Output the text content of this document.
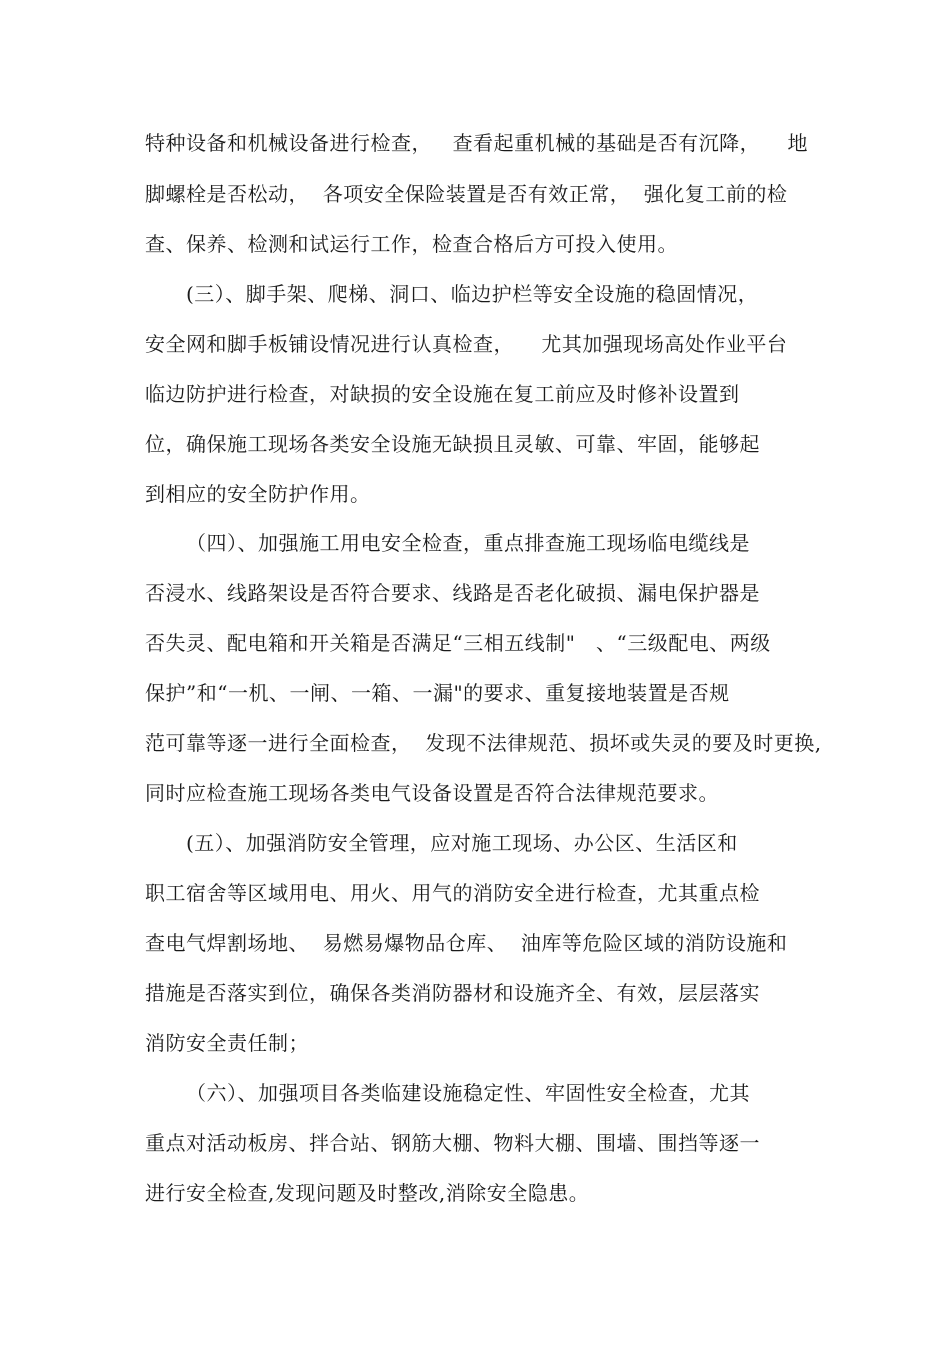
特种设备和机械设备进行检查，   查看起重机械的基础是否有沉降，    地
脚螺栓是否松动，  各项安全保险装置是否有效正常，  强化复工前的检
查、保养、检测和试运行工作，检查合格后方可投入使用。
(三）、脚手架、爬梯、洞口、临边护栏等安全设施的稳固情况，
安全网和脚手板铺设情况进行认真检查，    尤其加强现场高处作业平台
临边防护进行检查，对缺损的安全设施在复工前应及时修补设置到
位，确保施工现场各类安全设施无缺损且灵敏、可靠、牢固，能够起
到相应的安全防护作用。
（四）、加强施工用电安全检查，重点排查施工现场临电缆线是
否浸水、线路架设是否符合要求、线路是否老化破损、漏电保护器是
否失灵、配电箱和开关箱是否满足“三相五线制"   、“三级配电、两级
保护”和“一机、一闸、一箱、一漏"的要求、重复接地装置是否规
范可靠等逐一进行全面检查，  发现不法律规范、损坏或失灵的要及时更换,
同时应检查施工现场各类电气设备设置是否符合法律规范要求。
(五）、加强消防安全管理，应对施工现场、办公区、生活区和
职工宿舍等区域用电、用火、用气的消防安全进行检查，尤其重点检
查电气焊割场地、  易燃易爆物品仓库、  油库等危险区域的消防设施和
措施是否落实到位，确保各类消防器材和设施齐全、有效，层层落实
消防安全责任制；
（六）、加强项目各类临建设施稳定性、牢固性安全检查，尤其
重点对活动板房、拌合站、钢筋大棚、物料大棚、围墙、围挡等逐一
进行安全检查,发现问题及时整改,消除安全隐患。
